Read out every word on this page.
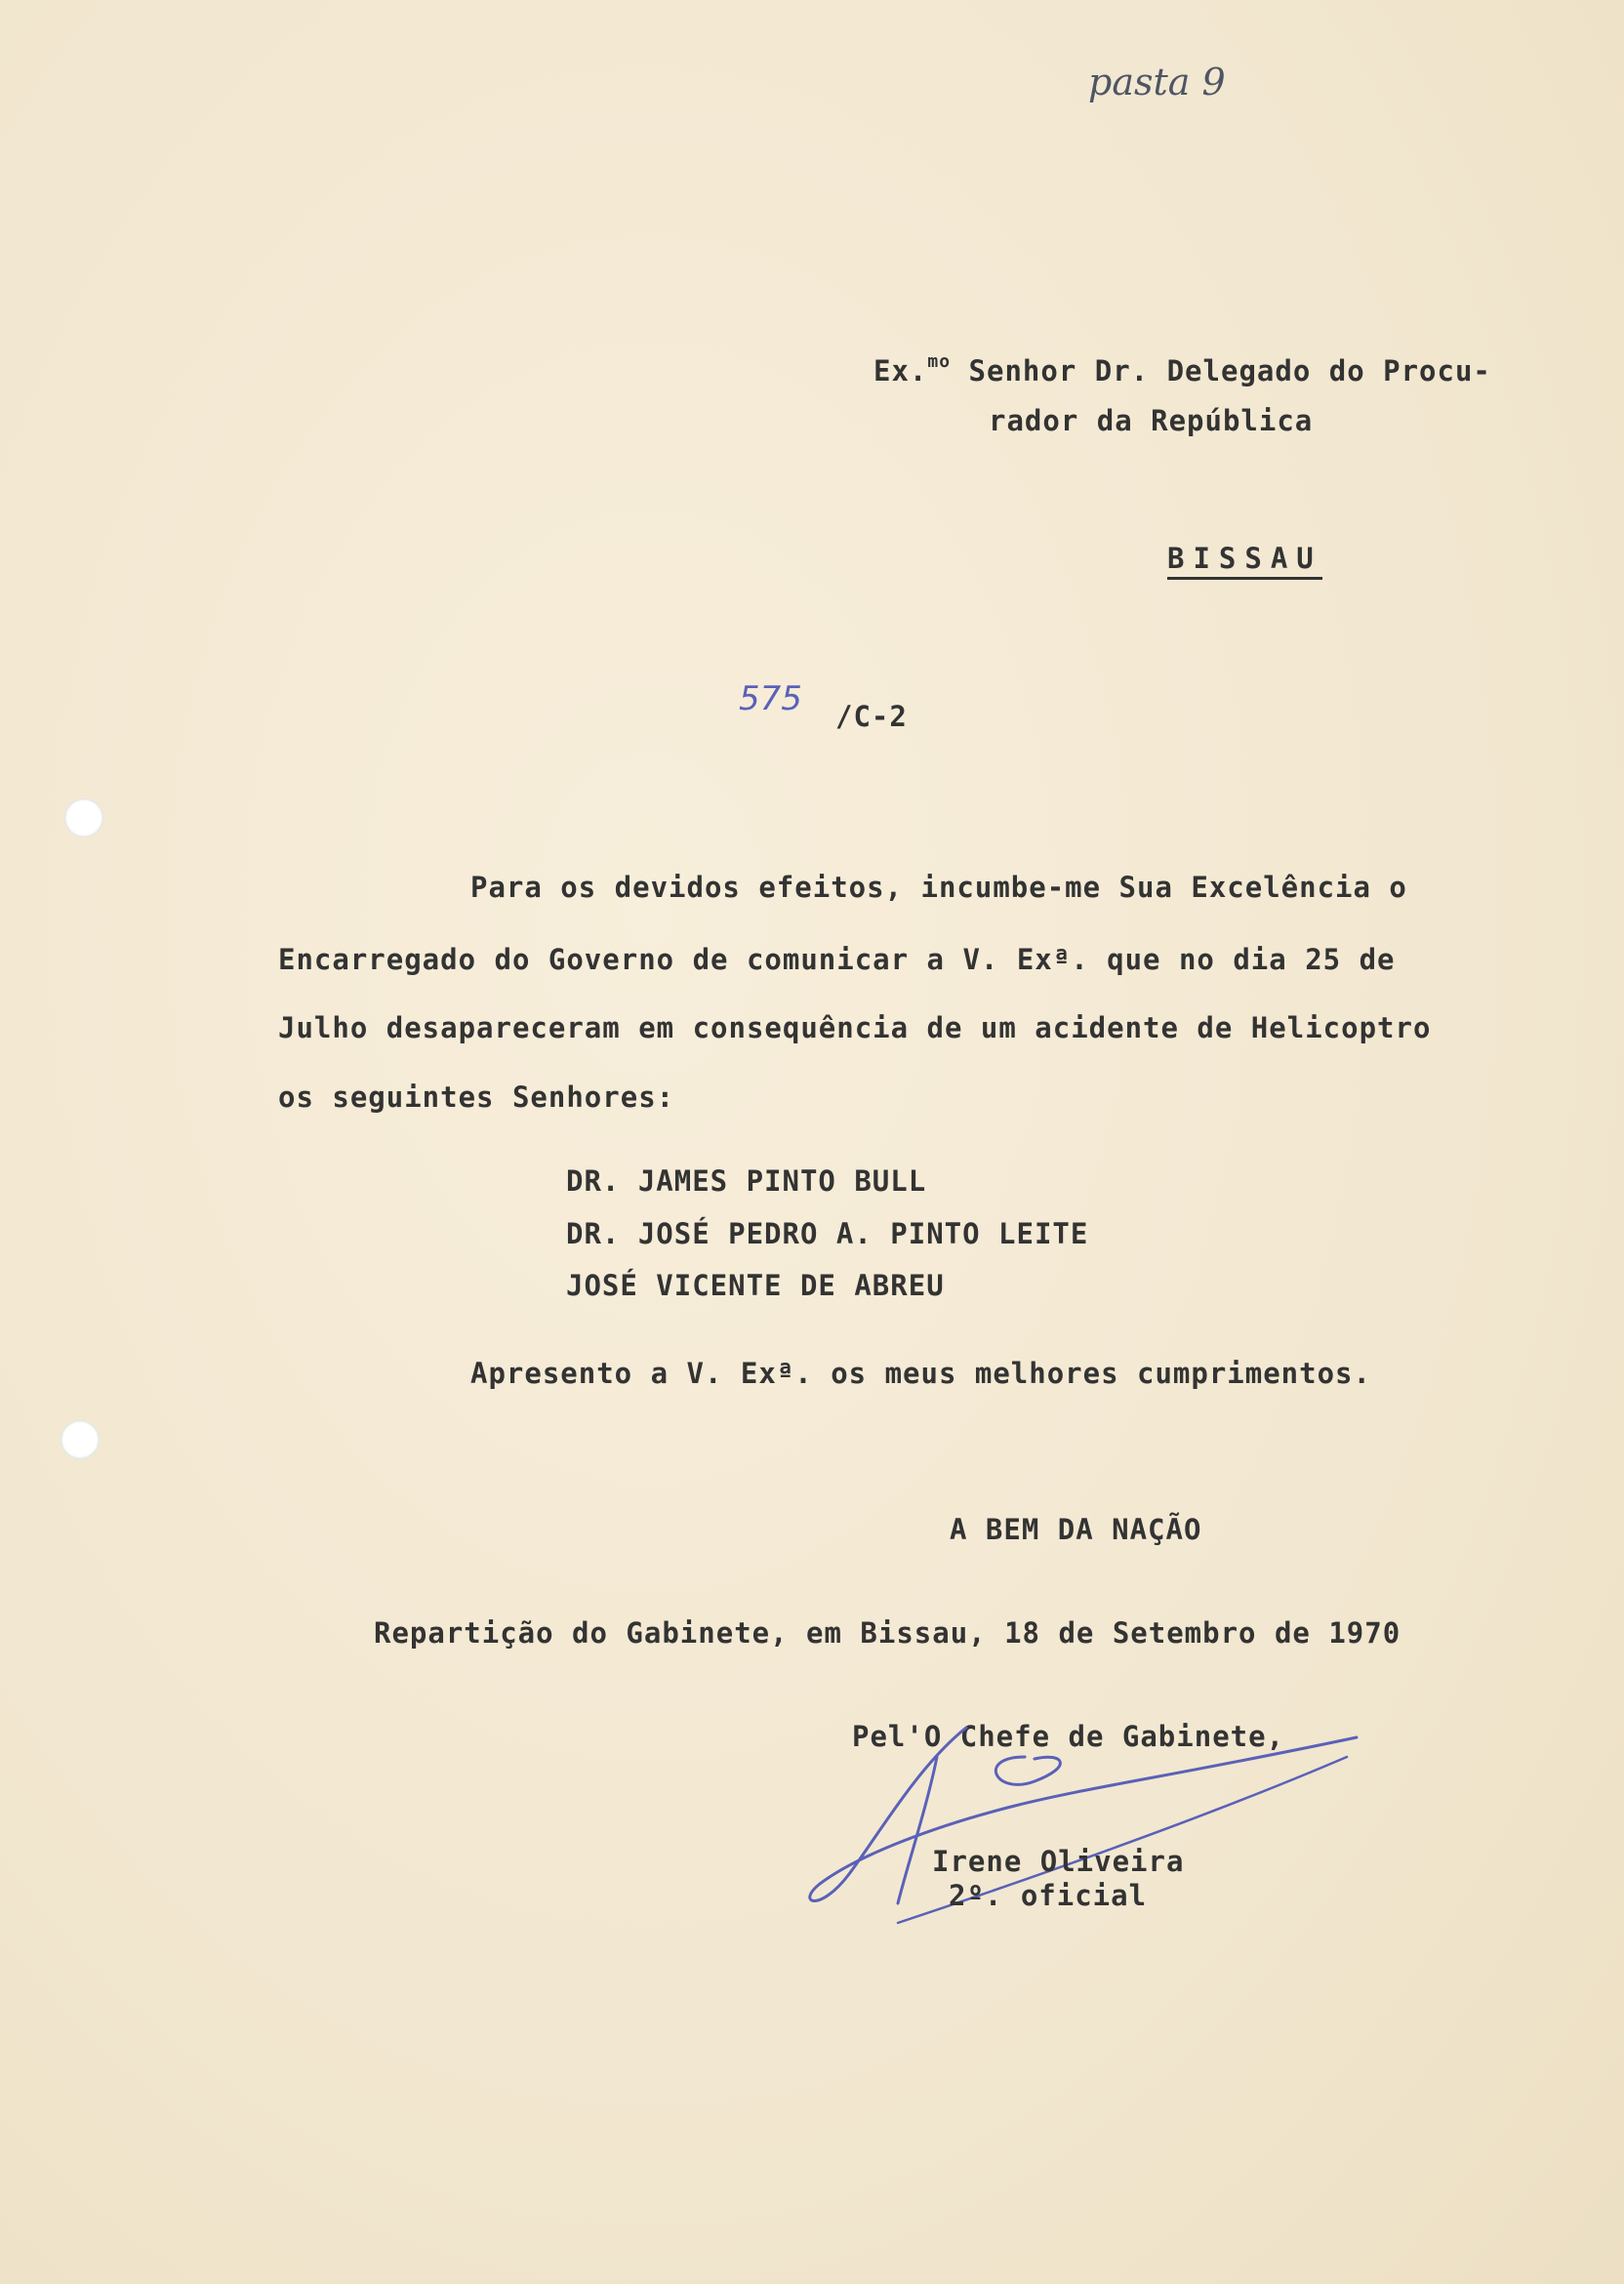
pasta 9
Ex.$^{mo}$ Senhor Dr. Delegado do Procu-
rador da República
BISSAU
575 /C-2
Para os devidos efeitos, incumbe-me Sua Excelência o
Encarregado do Governo de comunicar a V. Exª. que no dia 25 de
Julho desapareceram em consequência de um acidente de Helicoptro
os seguintes Senhores:
DR. JAMES PINTO BULL
DR. JOSÉ PEDRO A. PINTO LEITE
JOSÉ VICENTE DE ABREU
Apresento a V. Exª. os meus melhores cumprimentos.
A BEM DA NAÇÃO
Repartição do Gabinete, em Bissau, 18 de Setembro de 1970
Pel'O Chefe de Gabinete,
Irene Oliveira
2º. oficial
